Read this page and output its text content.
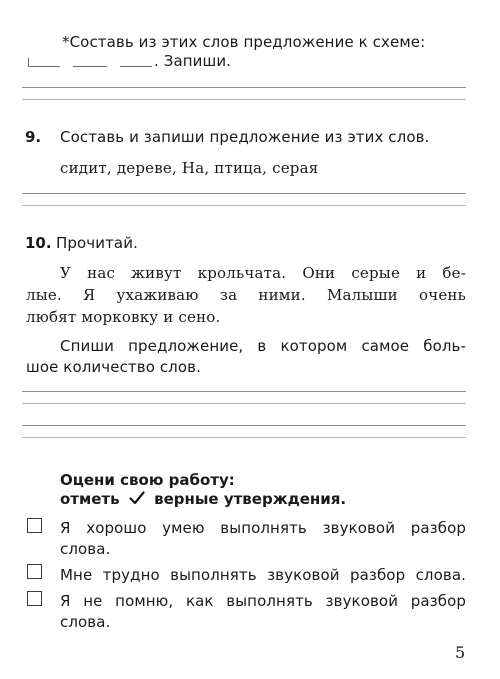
*Составь из этих слов предложение к схеме:
. Запиши.
9. Составь и запиши предложение из этих слов.
сидит, дереве, На, птица, серая
10. Прочитай.
У нас живут крольчата. Они серые и бе-
лые. Я ухаживаю за ними. Малыши очень
любят морковку и сено.
Спиши предложение, в котором самое боль-
шое количество слов.
Оцени свою работу:
отметь верные утверждения.
Я хорошо умею выполнять звуковой разбор
слова.
Мне трудно выполнять звуковой разбор слова.
Я не помню, как выполнять звуковой разбор
слова.
5
